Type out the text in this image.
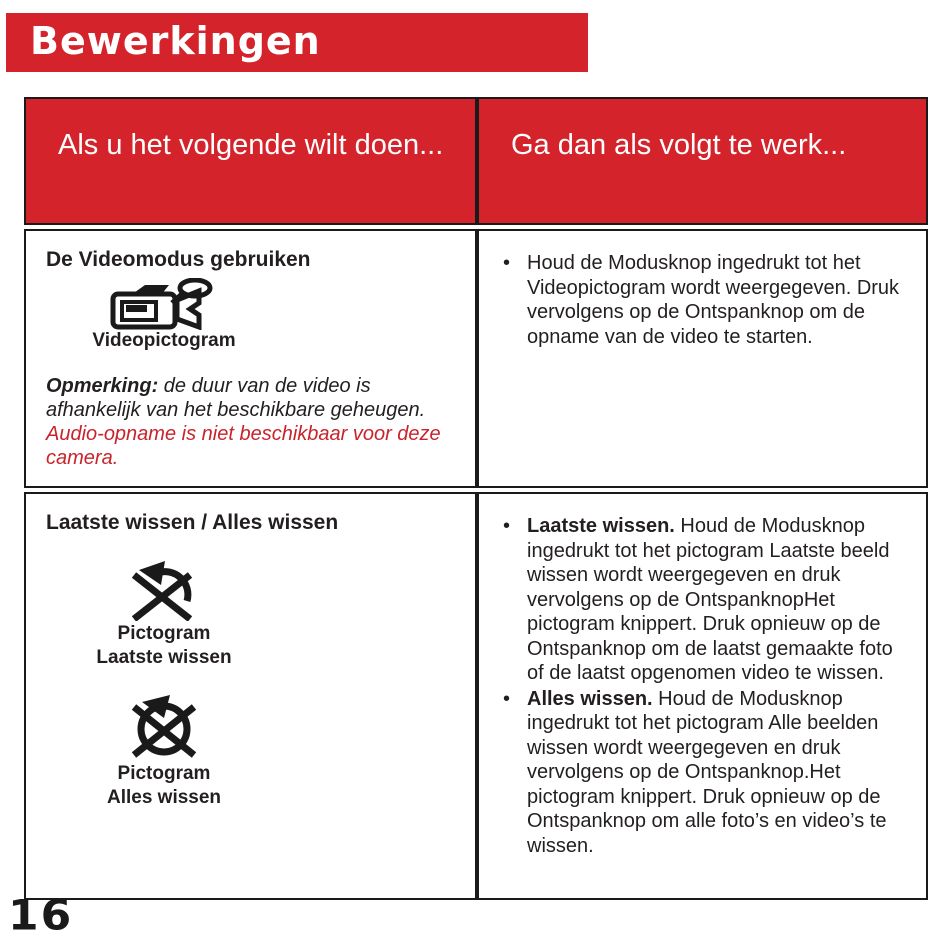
Bewerkingen
Als u het volgende wilt doen...	Ga dan als volgt te werk...
De Videomodus gebruiken
Videopictogram

Opmerking: de duur van de video is afhankelijk van het beschikbare geheugen. Audio-opname is niet beschikbaar voor deze camera.

• Houd de Modusknop ingedrukt tot het Videopictogram wordt weergegeven. Druk vervolgens op de Ontspanknop om de opname van de video te starten.
Laatste wissen / Alles wissen
Pictogram
Laatste wissen
Pictogram
Alles wissen
• Laatste wissen. Houd de Modusknop ingedrukt tot het pictogram Laatste beeld wissen wordt weergegeven en druk vervolgens op de OntspanknopHet pictogram knippert. Druk opnieuw op de Ontspanknop om de laatst gemaakte foto of de laatst opgenomen video te wissen.
• Alles wissen. Houd de Modusknop ingedrukt tot het pictogram Alle beelden wissen wordt weergegeven en druk vervolgens op de Ontspanknop.Het pictogram knippert. Druk opnieuw op de Ontspanknop om alle foto’s en video’s te wissen.
16
